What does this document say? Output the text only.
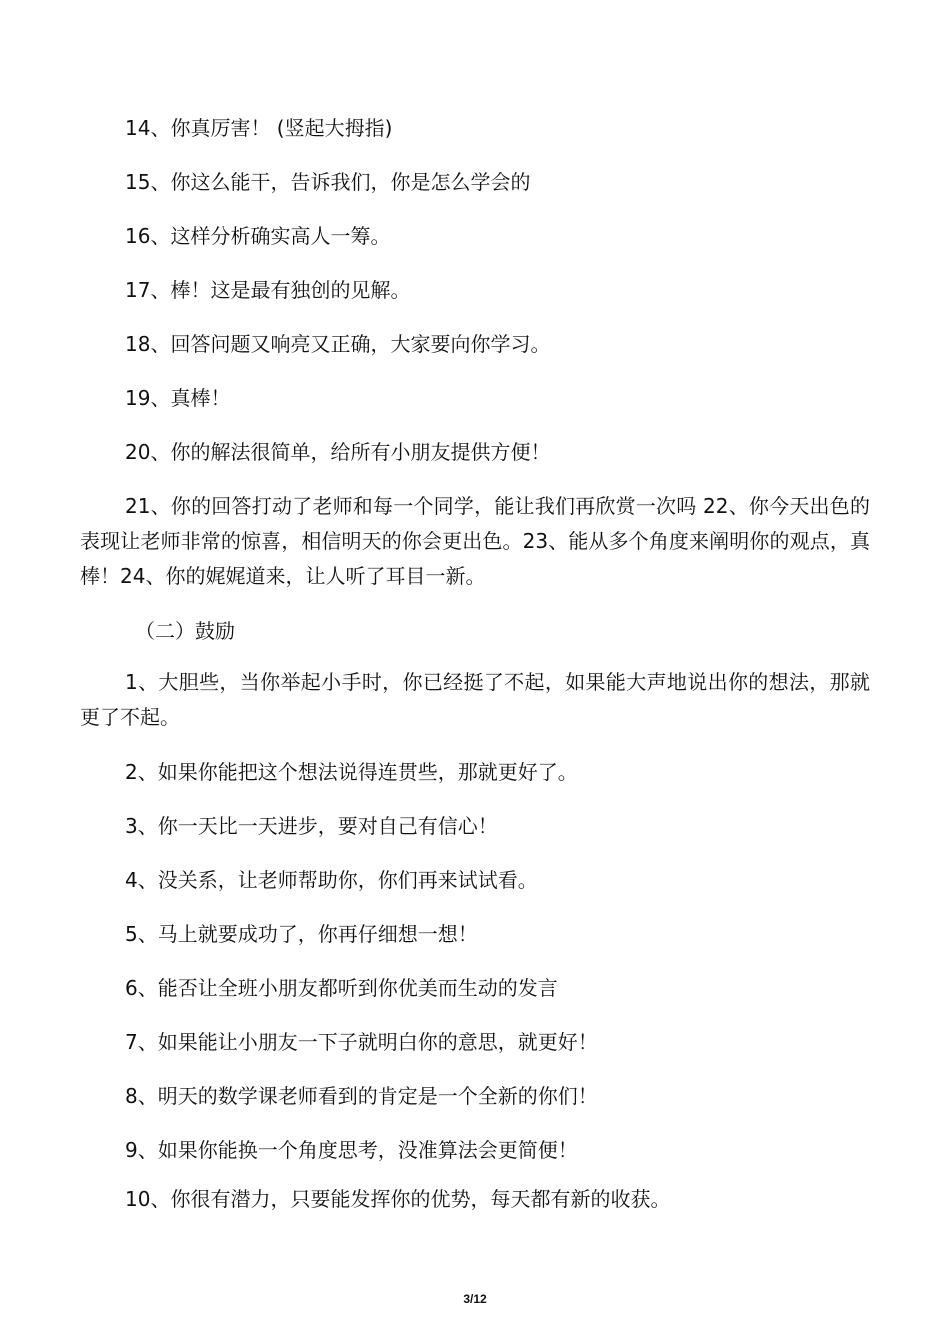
14、你真厉害！ (竖起大拇指)
15、你这么能干，告诉我们，你是怎么学会的
16、这样分析确实高人一筹。
17、棒！这是最有独创的见解。
18、回答问题又响亮又正确，大家要向你学习。
19、真棒！
20、你的解法很简单，给所有小朋友提供方便！
21、你的回答打动了老师和每一个同学，能让我们再欣赏一次吗 22、你今天出色的表现让老师非常的惊喜，相信明天的你会更出色。23、能从多个角度来阐明你的观点，真棒！24、你的娓娓道来，让人听了耳目一新。
（二）鼓励
1、大胆些，当你举起小手时，你已经挺了不起，如果能大声地说出你的想法，那就更了不起。
2、如果你能把这个想法说得连贯些，那就更好了。
3、你一天比一天进步，要对自己有信心！
4、没关系，让老师帮助你，你们再来试试看。
5、马上就要成功了，你再仔细想一想！
6、能否让全班小朋友都听到你优美而生动的发言
7、如果能让小朋友一下子就明白你的意思，就更好！
8、明天的数学课老师看到的肯定是一个全新的你们！
9、如果你能换一个角度思考，没准算法会更简便！
10、你很有潜力，只要能发挥你的优势，每天都有新的收获。
3/12
